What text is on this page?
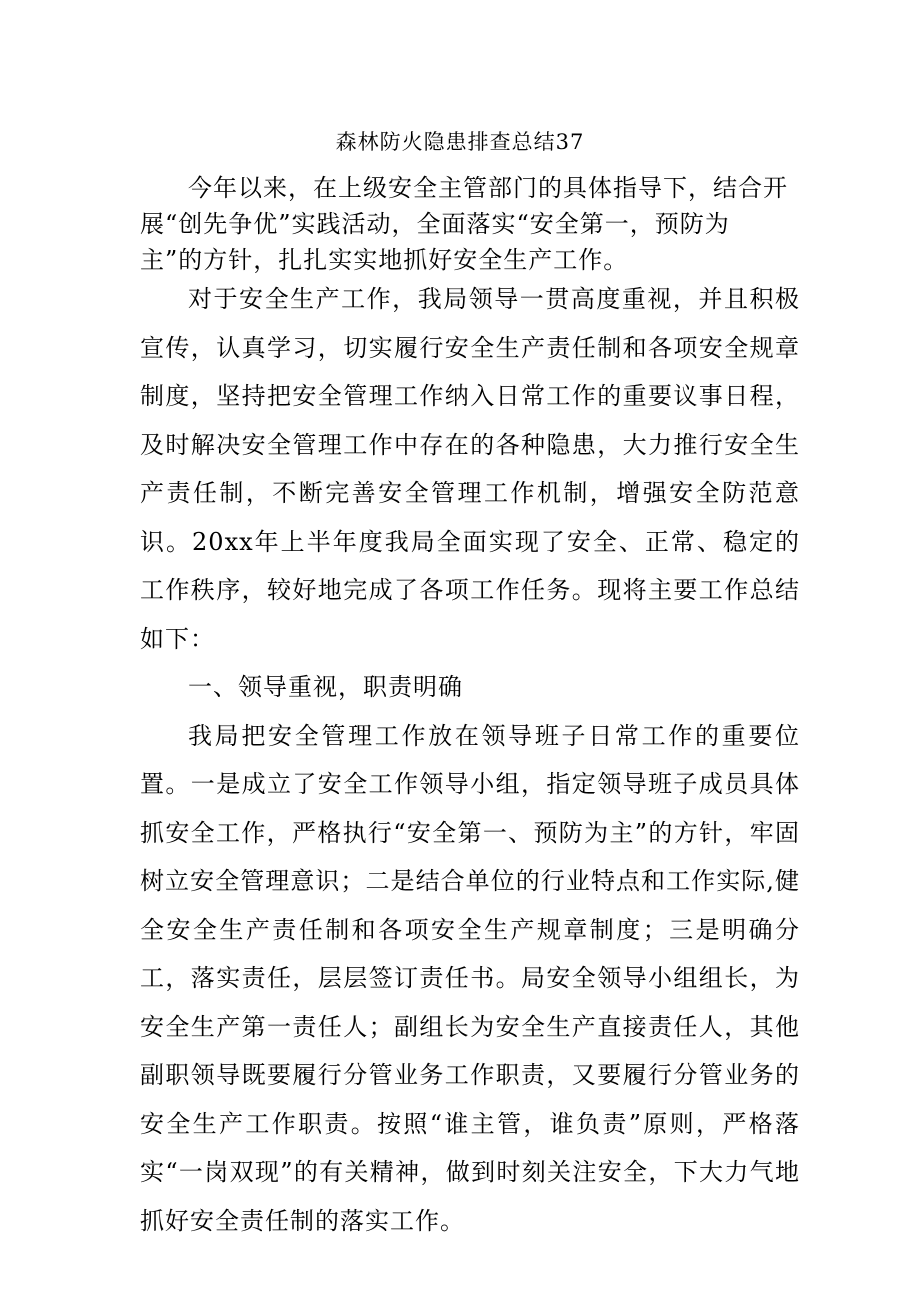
森林防火隐患排查总结37

今年以来，在上级安全主管部门的具体指导下，结合开展“创先争优”实践活动，全面落实“安全第一，预防为主”的方针，扎扎实实地抓好安全生产工作。

对于安全生产工作，我局领导一贯高度重视，并且积极宣传，认真学习，切实履行安全生产责任制和各项安全规章制度，坚持把安全管理工作纳入日常工作的重要议事日程，及时解决安全管理工作中存在的各种隐患，大力推行安全生产责任制，不断完善安全管理工作机制，增强安全防范意识。20xx年上半年度我局全面实现了安全、正常、稳定的工作秩序，较好地完成了各项工作任务。现将主要工作总结如下：

一、领导重视，职责明确

我局把安全管理工作放在领导班子日常工作的重要位置。一是成立了安全工作领导小组，指定领导班子成员具体抓安全工作，严格执行“安全第一、预防为主”的方针，牢固树立安全管理意识；二是结合单位的行业特点和工作实际,健全安全生产责任制和各项安全生产规章制度；三是明确分工，落实责任，层层签订责任书。局安全领导小组组长，为安全生产第一责任人；副组长为安全生产直接责任人，其他副职领导既要履行分管业务工作职责，又要履行分管业务的安全生产工作职责。按照“谁主管，谁负责”原则，严格落实“一岗双现”的有关精神，做到时刻关注安全，下大力气地抓好安全责任制的落实工作。
